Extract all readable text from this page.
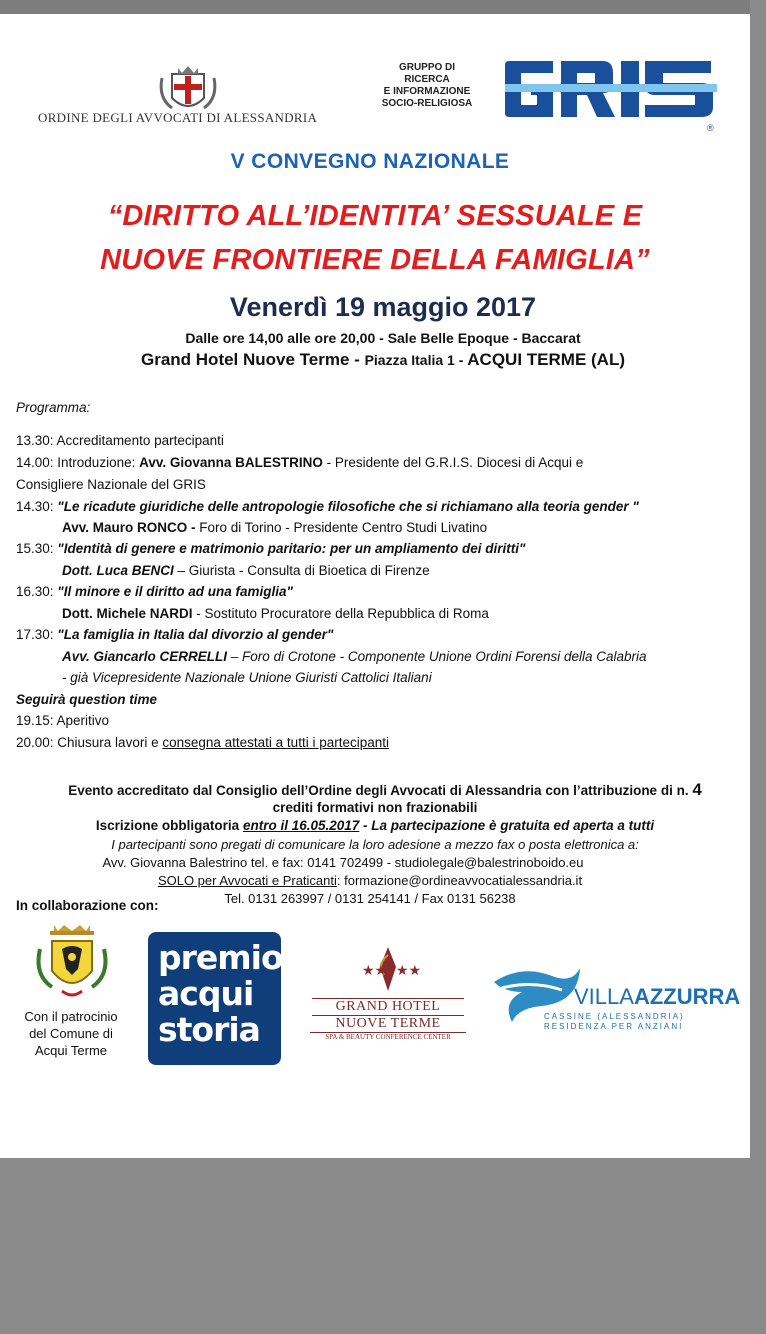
ORDINE DEGLI AVVOCATI DI ALESSANDRIA
GRUPPO DI
RICERCA
E INFORMAZIONE
SOCIO-RELIGIOSA
®
V CONVEGNO NAZIONALE
“DIRITTO ALL’IDENTITA’ SESSUALE E
NUOVE FRONTIERE DELLA FAMIGLIA”
Venerdì 19 maggio 2017
Dalle ore 14,00 alle ore 20,00 - Sale Belle Epoque - Baccarat
Grand Hotel Nuove Terme - Piazza Italia 1 - ACQUI TERME (AL)
Programma:
13.30: Accreditamento partecipanti
14.00: Introduzione: Avv. Giovanna BALESTRINO - Presidente del G.R.I.S. Diocesi di Acqui e
Consigliere Nazionale del GRIS
14.30: "Le ricadute giuridiche delle antropologie filosofiche che si richiamano alla teoria gender "
Avv. Mauro RONCO - Foro di Torino - Presidente Centro Studi Livatino
15.30: "Identità di genere e matrimonio paritario: per un ampliamento dei diritti"
Dott. Luca BENCI – Giurista - Consulta di Bioetica di Firenze
16.30: "Il minore e il diritto ad una famiglia"
Dott. Michele NARDI - Sostituto Procuratore della Repubblica di Roma
17.30: "La famiglia in Italia dal divorzio al gender"
Avv. Giancarlo CERRELLI – Foro di Crotone - Componente Unione Ordini Forensi della Calabria
- già Vicepresidente Nazionale Unione Giuristi Cattolici Italiani
Seguirà question time
19.15: Aperitivo
20.00: Chiusura lavori e consegna attestati a tutti i partecipanti
Evento accreditato dal Consiglio dell’Ordine degli Avvocati di Alessandria con l’attribuzione di n. 4
crediti formativi non frazionabili
Iscrizione obbligatoria entro il 16.05.2017 - La partecipazione è gratuita ed aperta a tutti
I partecipanti sono pregati di comunicare la loro adesione a mezzo fax o posta elettronica a:
Avv. Giovanna Balestrino tel. e fax: 0141 702499 - studiolegale@balestrinoboido.eu
SOLO per Avvocati e Praticanti: formazione@ordineavvocatialessandria.it
Tel. 0131 263997 / 0131 254141 / Fax 0131 56238
In collaborazione con:
Con il patrocinio
del Comune di
Acqui Terme
premio
acqui
storia
★★ ★★
GRAND HOTEL
NUOVE TERME
SPA & BEAUTY CONFERENCE CENTER
VILLAAZZURRA
CASSINE (ALESSANDRIA)
RESIDENZA PER ANZIANI
